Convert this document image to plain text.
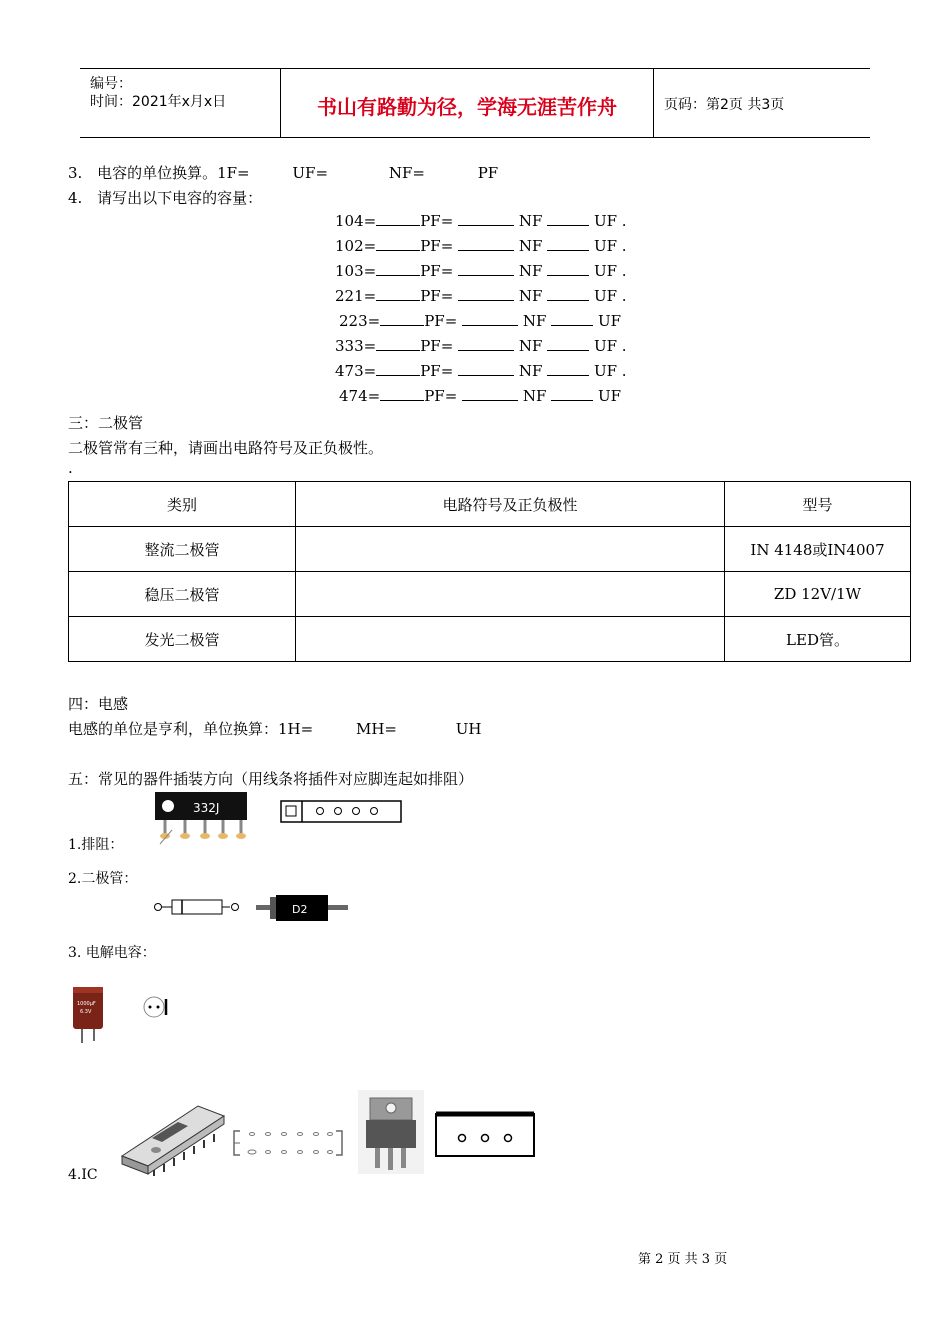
编号：
时间：2021年x月x日	书山有路勤为径，学海无涯苦作舟	页码：第2页 共3页
3. 电容的单位换算。1F=	UF=	NF=	PF
4. 请写出以下电容的容量：
104=	PF=	NF	UF .
102=	PF=	NF	UF .
103=	PF=	NF	UF .
221=	PF=	NF	UF .
223=	PF=	NF	UF
333=	PF=	NF	UF .
473=	PF=	NF	UF .
474=	PF=	NF	UF
三：二极管
二极管常有三种，请画出电路符号及正负极性。
.
类别	电路符号及正负极性	型号
整流二极管		IN 4148或IN4007
稳压二极管		ZD 12V/1W
发光二极管		LED管。
四：电感
电感的单位是亨利，单位换算：1H=	MH=	UH
五：常见的器件插装方向（用线条将插件对应脚连起如排阻）
1.排阻：
332J
2.二极管：
D2
3. 电解电容：
1000μF
6.3V
4.IC
第 2 页 共 3 页
